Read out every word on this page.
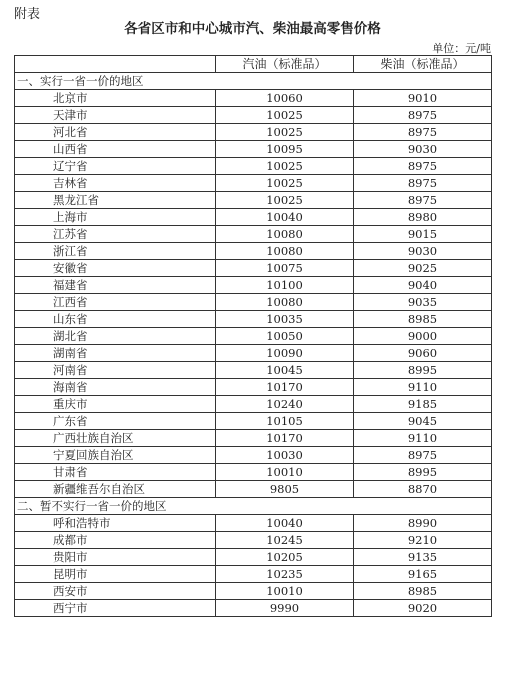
附表
各省区市和中心城市汽、柴油最高零售价格
单位：元/吨
	汽油（标准品）	柴油（标准品）
一、实行一省一价的地区		
北京市	10060	9010
天津市	10025	8975
河北省	10025	8975
山西省	10095	9030
辽宁省	10025	8975
吉林省	10025	8975
黑龙江省	10025	8975
上海市	10040	8980
江苏省	10080	9015
浙江省	10080	9030
安徽省	10075	9025
福建省	10100	9040
江西省	10080	9035
山东省	10035	8985
湖北省	10050	9000
湖南省	10090	9060
河南省	10045	8995
海南省	10170	9110
重庆市	10240	9185
广东省	10105	9045
广西壮族自治区	10170	9110
宁夏回族自治区	10030	8975
甘肃省	10010	8995
新疆维吾尔自治区	9805	8870
二、暂不实行一省一价的地区		
呼和浩特市	10040	8990
成都市	10245	9210
贵阳市	10205	9135
昆明市	10235	9165
西安市	10010	8985
西宁市	9990	9020
